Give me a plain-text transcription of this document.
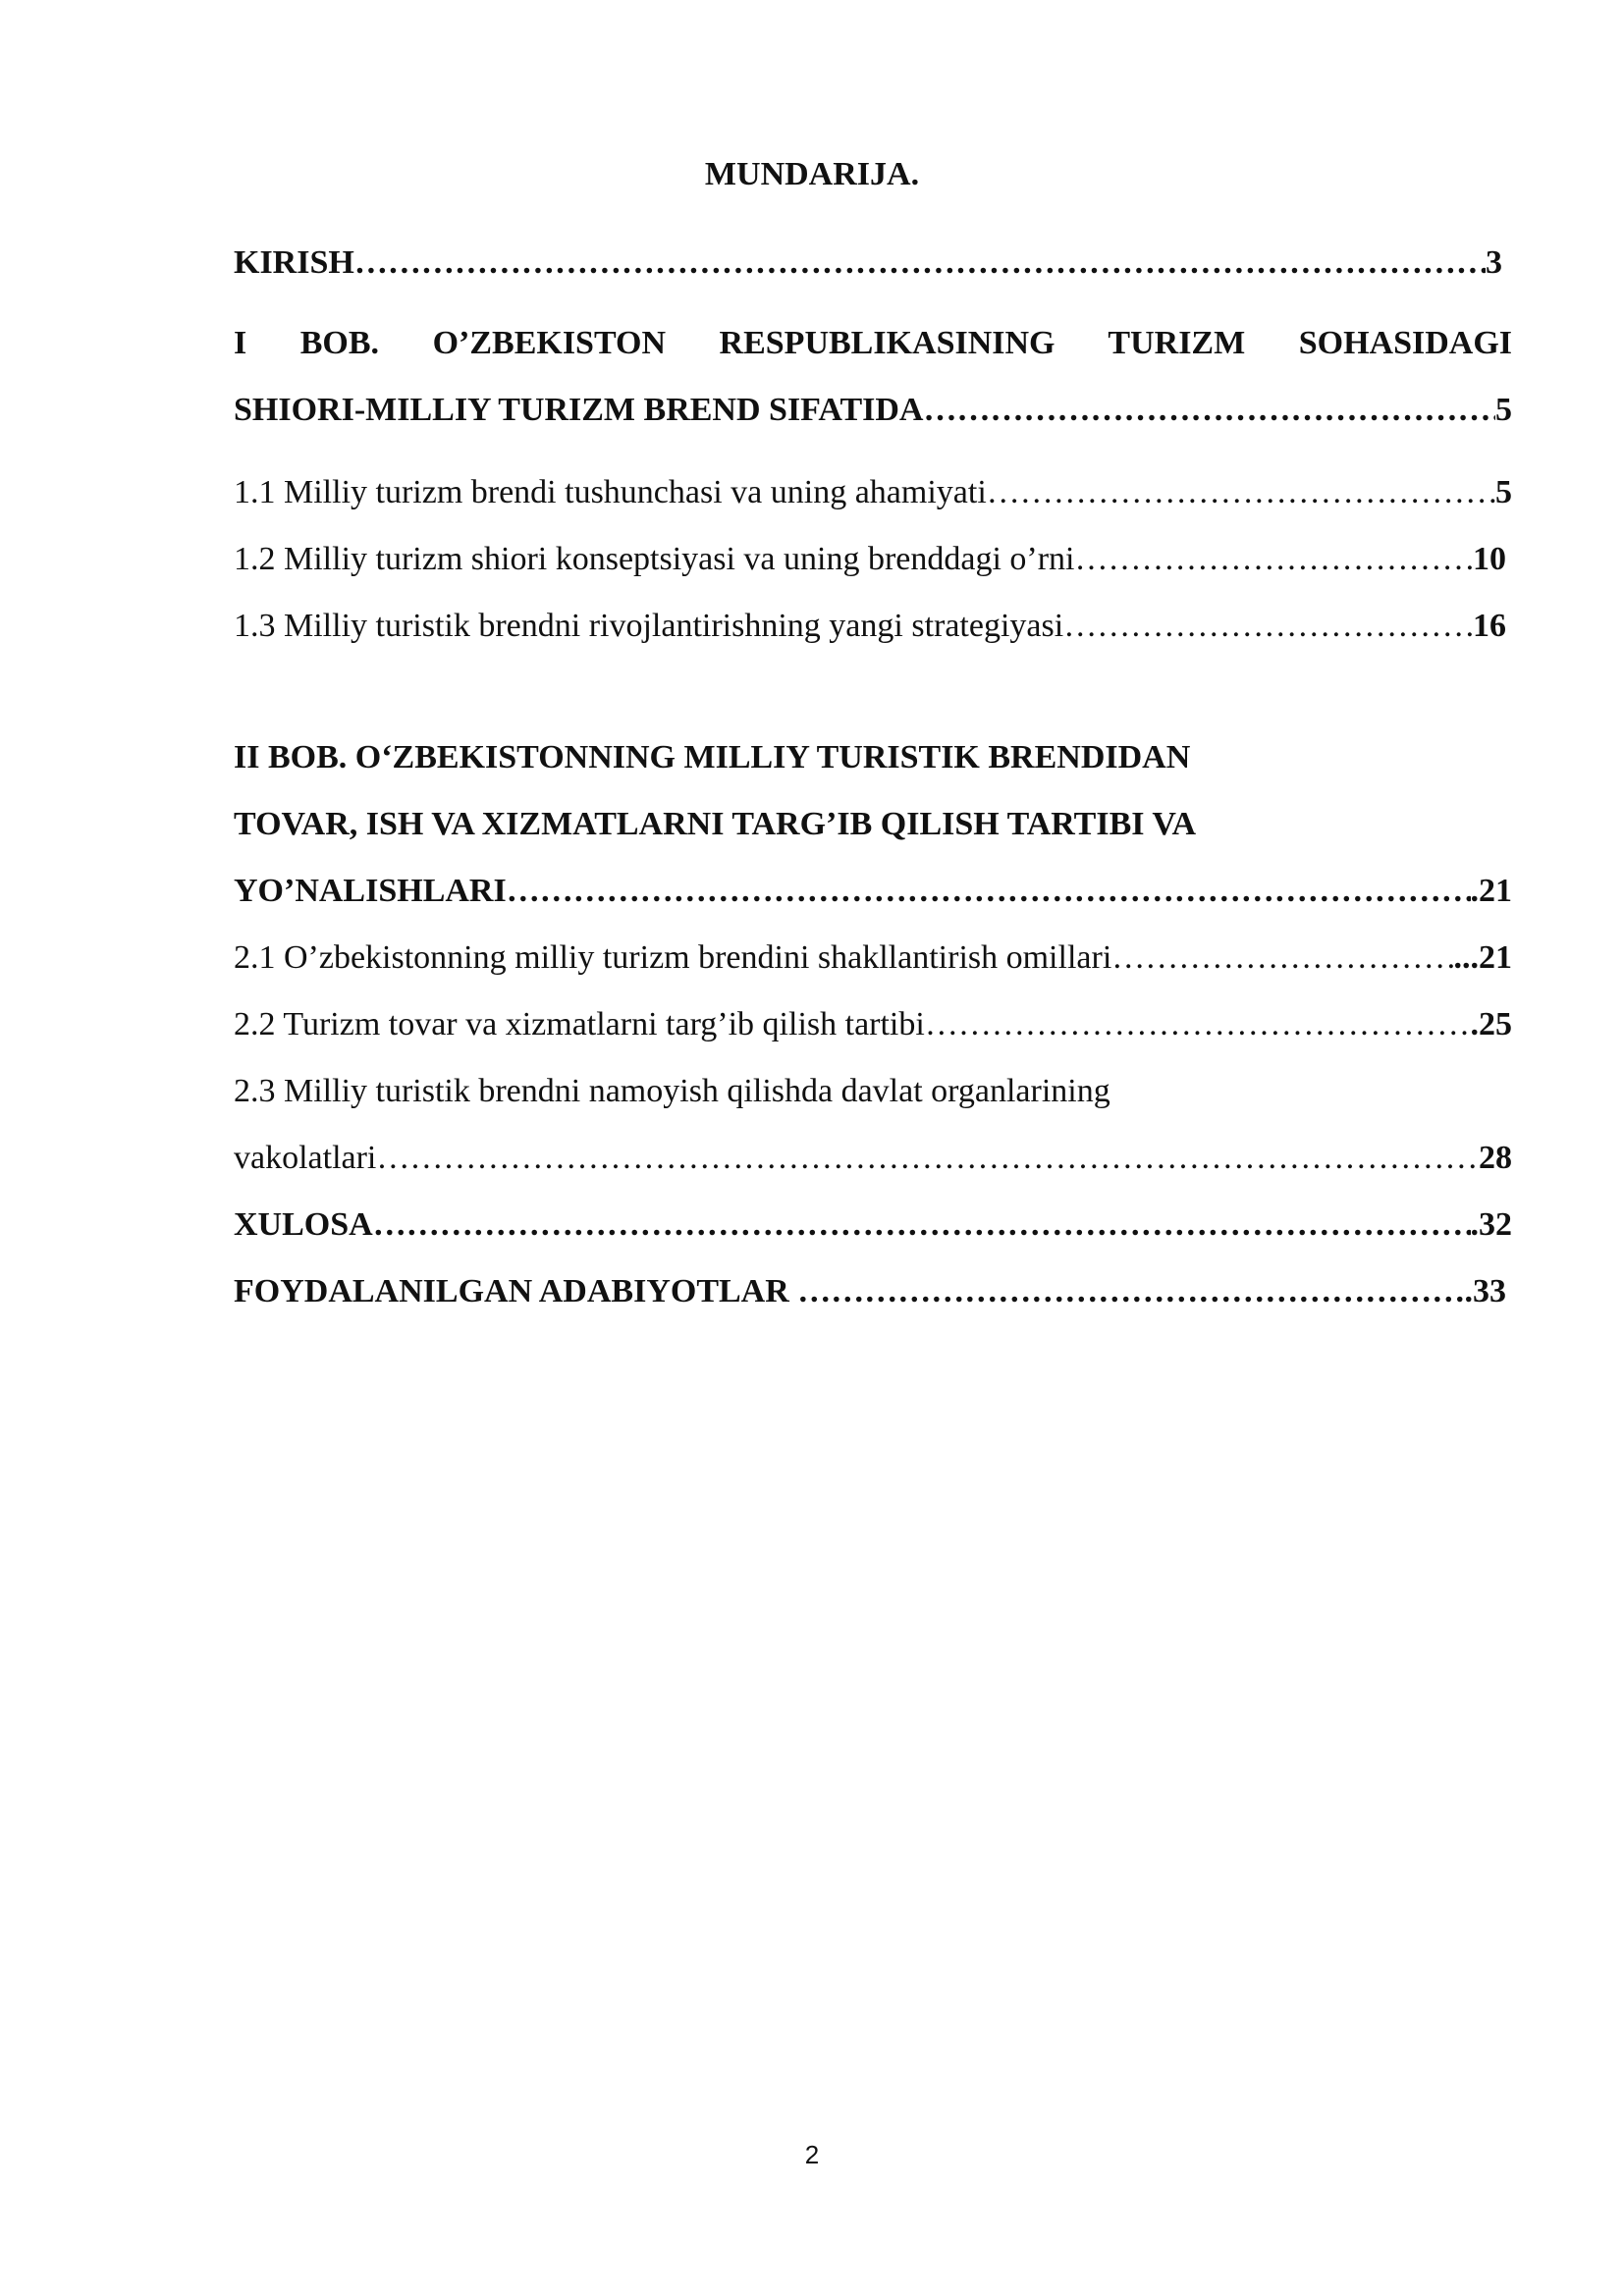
MUNDARIJA.
KIRISH ……………………………………………………………………………………………………………………………………………………………………………	3
I BOB. O’ZBEKISTON RESPUBLIKASINING TURIZM SOHASIDAGI
SHIORI-MILLIY TURIZM BREND SIFATIDA ……………………………………………………………………………………………………………………………………………………………………………	5
1.1 Milliy turizm brendi tushunchasi va uning ahamiyati ……………………………………………………………………………………………………………………………………………………………………………	5
1.2 Milliy turizm shiori konseptsiyasi va uning brenddagi o’rni ……………………………………………………………………………………………………………………………………………………………………………	10
1.3 Milliy turistik brendni rivojlantirishning yangi strategiyasi ……………………………………………………………………………………………………………………………………………………………………………	16
II BOB. O‘ZBEKISTONNING MILLIY TURISTIK BRENDIDAN
TOVAR, ISH VA XIZMATLARNI TARG’IB QILISH TARTIBI VA
YO’NALISHLARI ……………………………………………………………………………………………………………………………………………………………………………	.21
2.1 O’zbekistonning milliy turizm brendini shakllantirish omillari ……………………………………………………………………………………………………………………………………………………………………………	...21
2.2 Turizm tovar va xizmatlarni targ’ib qilish tartibi ……………………………………………………………………………………………………………………………………………………………………………	.25
2.3 Milliy turistik brendni namoyish qilishda davlat organlarining
vakolatlari ……………………………………………………………………………………………………………………………………………………………………………	28
XULOSA ……………………………………………………………………………………………………………………………………………………………………………	.32
FOYDALANILGAN ADABIYOTLAR ……………………………………………………………………………………………………………………………………………………………………………	.33
2
